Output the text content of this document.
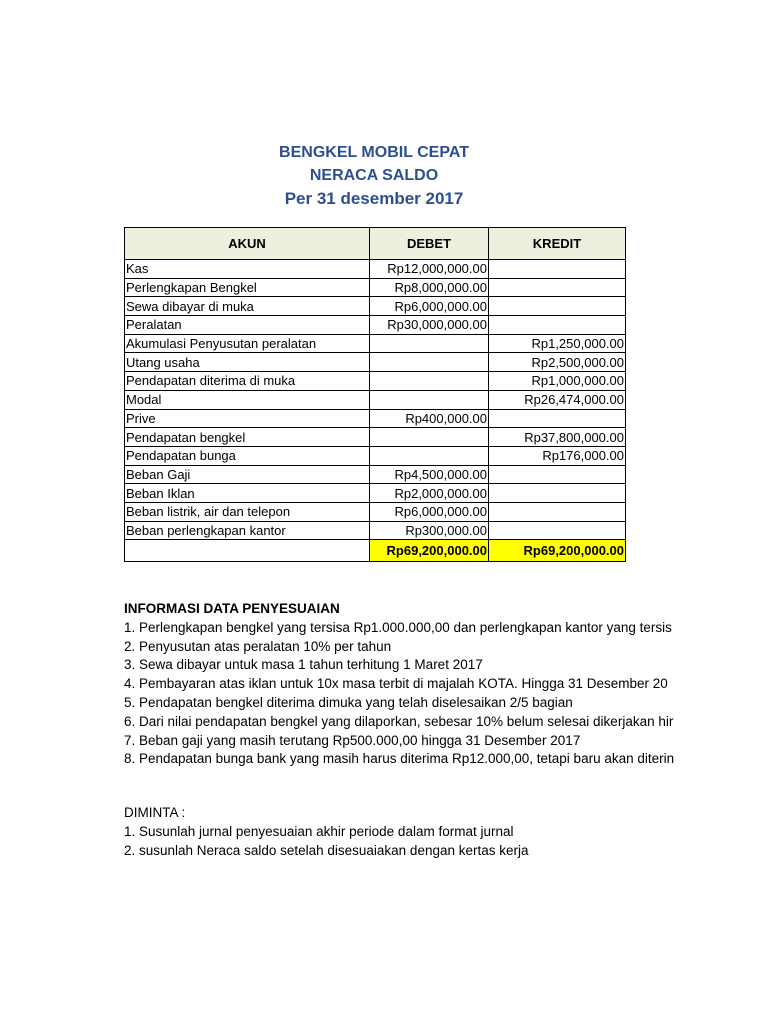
BENGKEL MOBIL CEPAT
NERACA SALDO
Per 31 desember 2017
AKUN	DEBET	KREDIT
Kas	Rp12,000,000.00	
Perlengkapan Bengkel	Rp8,000,000.00	
Sewa dibayar di muka	Rp6,000,000.00	
Peralatan	Rp30,000,000.00	
Akumulasi Penyusutan peralatan		Rp1,250,000.00
Utang usaha		Rp2,500,000.00
Pendapatan diterima di muka		Rp1,000,000.00
Modal		Rp26,474,000.00
Prive	Rp400,000.00	
Pendapatan bengkel		Rp37,800,000.00
Pendapatan bunga		Rp176,000.00
Beban Gaji	Rp4,500,000.00	
Beban Iklan	Rp2,000,000.00	
Beban listrik, air dan telepon	Rp6,000,000.00	
Beban perlengkapan kantor	Rp300,000.00	
	Rp69,200,000.00	Rp69,200,000.00
INFORMASI DATA PENYESUAIAN
1. Perlengkapan bengkel yang tersisa Rp1.000.000,00 dan perlengkapan kantor yang tersis
2. Penyusutan atas peralatan 10% per tahun
3. Sewa dibayar untuk masa 1 tahun terhitung 1 Maret 2017
4. Pembayaran atas iklan untuk 10x masa terbit di majalah KOTA. Hingga 31 Desember 20
5. Pendapatan bengkel diterima dimuka yang telah diselesaikan 2/5 bagian
6. Dari nilai pendapatan bengkel yang dilaporkan, sebesar 10% belum selesai dikerjakan hir
7. Beban gaji yang masih terutang Rp500.000,00 hingga 31 Desember 2017
8. Pendapatan bunga bank yang masih harus diterima Rp12.000,00, tetapi baru akan diterin
DIMINTA :
1. Susunlah jurnal penyesuaian akhir periode dalam format jurnal
2. susunlah Neraca saldo setelah disesuaiakan dengan kertas kerja
